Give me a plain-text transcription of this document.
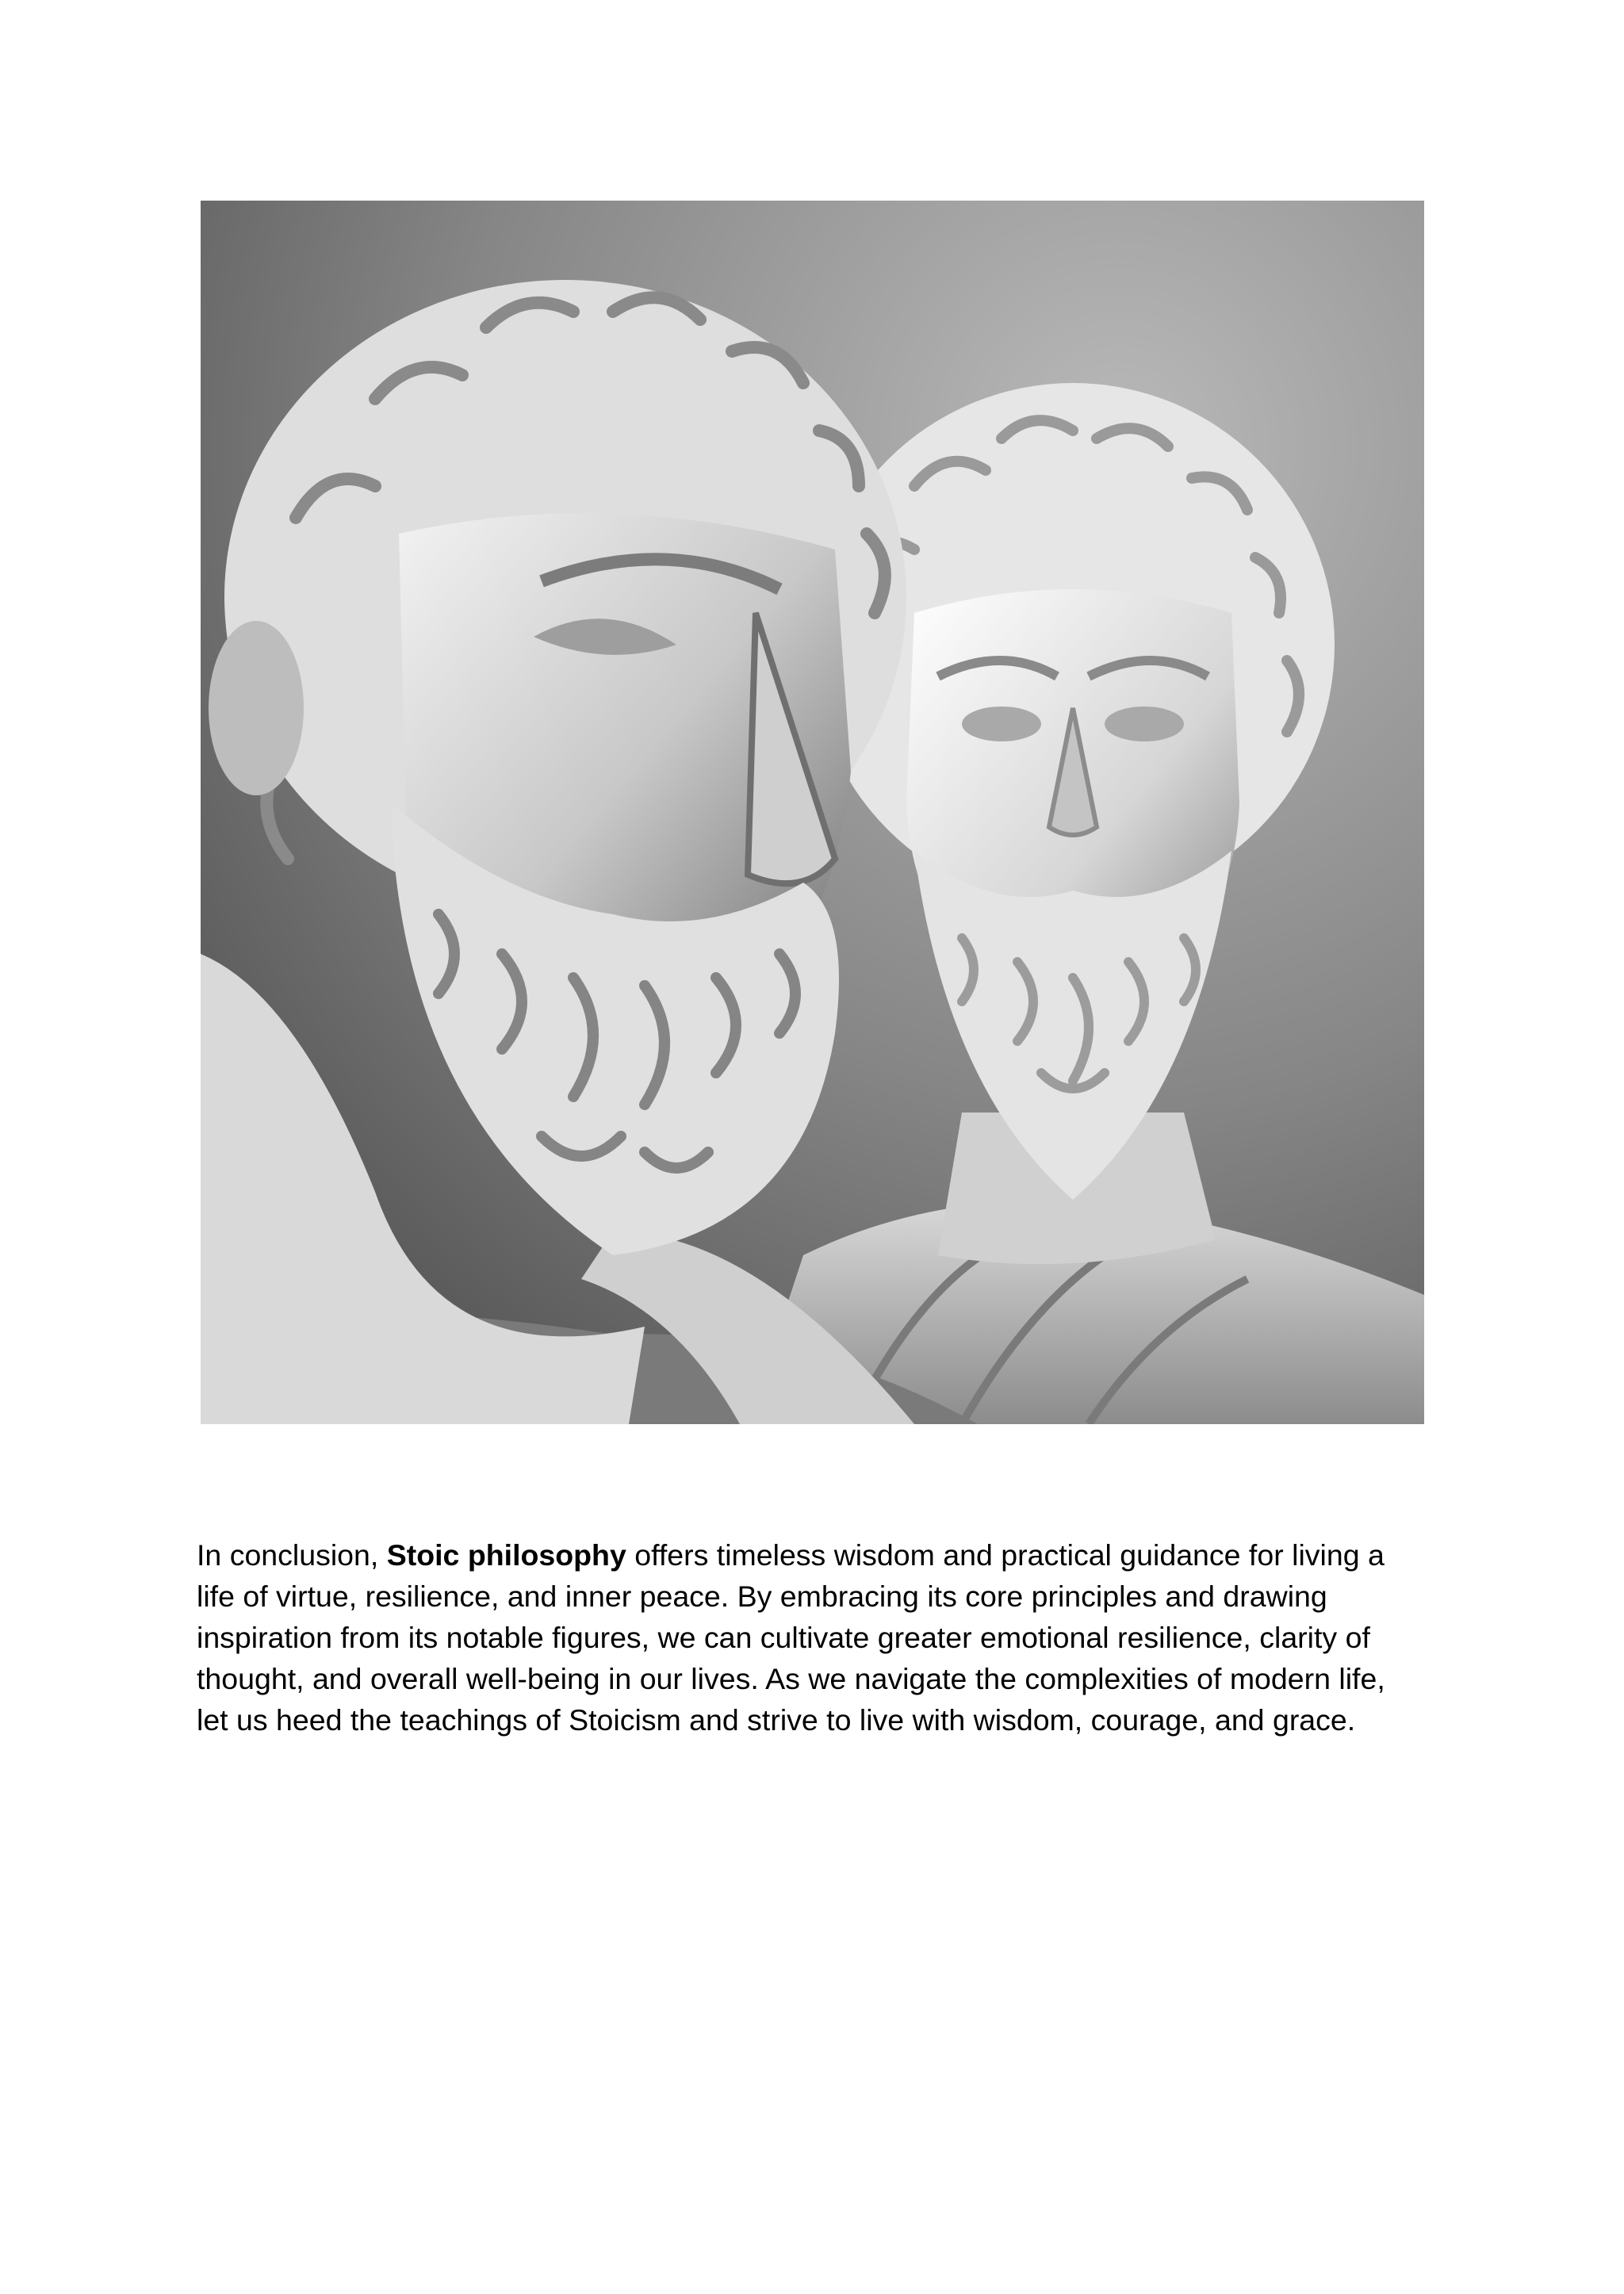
In conclusion, Stoic philosophy offers timeless wisdom and practical guidance for living a
life of virtue, resilience, and inner peace. By embracing its core principles and drawing
inspiration from its notable figures, we can cultivate greater emotional resilience, clarity of
thought, and overall well-being in our lives. As we navigate the complexities of modern life,
let us heed the teachings of Stoicism and strive to live with wisdom, courage, and grace.
